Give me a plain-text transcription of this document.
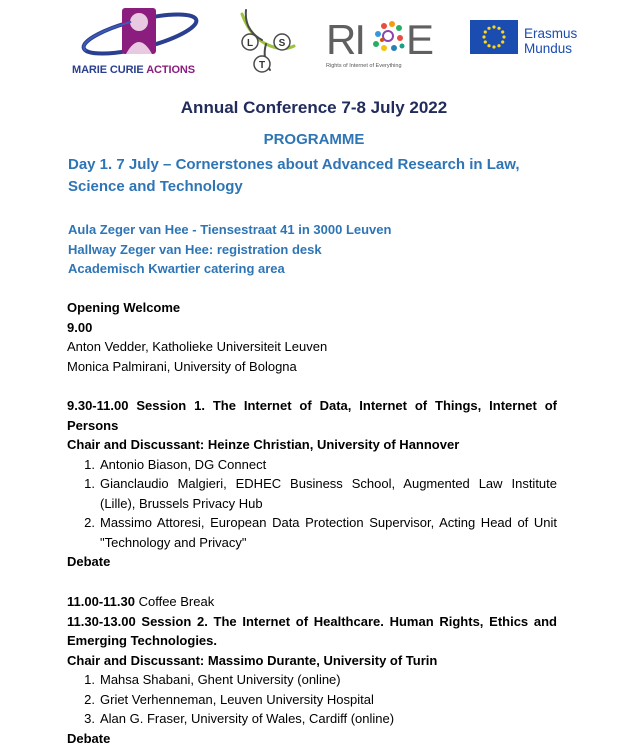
MARIE CURIE ACTIONS
L	S
T
RI E
Rights of Internet of Everything
Erasmus
Mundus
Annual Conference 7-8 July 2022
PROGRAMME
Day 1. 7 July – Cornerstones about Advanced Research in Law, Science and Technology
Aula Zeger van Hee - Tiensestraat 41 in 3000 Leuven
Hallway Zeger van Hee: registration desk
Academisch Kwartier catering area
Opening Welcome
9.00
Anton Vedder, Katholieke Universiteit Leuven
Monica Palmirani, University of Bologna
9.30-11.00 Session 1. The Internet of Data, Internet of Things, Internet of Persons
Chair and Discussant: Heinze Christian, University of Hannover
1. Antonio Biason, DG Connect
1. Gianclaudio Malgieri, EDHEC Business School, Augmented Law Institute (Lille), Brussels Privacy Hub
2. Massimo Attoresi, European Data Protection Supervisor, Acting Head of Unit "Technology and Privacy"
Debate
11.00-11.30 Coffee Break
11.30-13.00 Session 2. The Internet of Healthcare. Human Rights, Ethics and Emerging Technologies.
Chair and Discussant: Massimo Durante, University of Turin
1. Mahsa Shabani, Ghent University (online)
2. Griet Verhenneman, Leuven University Hospital
3. Alan G. Fraser, University of Wales, Cardiff (online)
Debate
